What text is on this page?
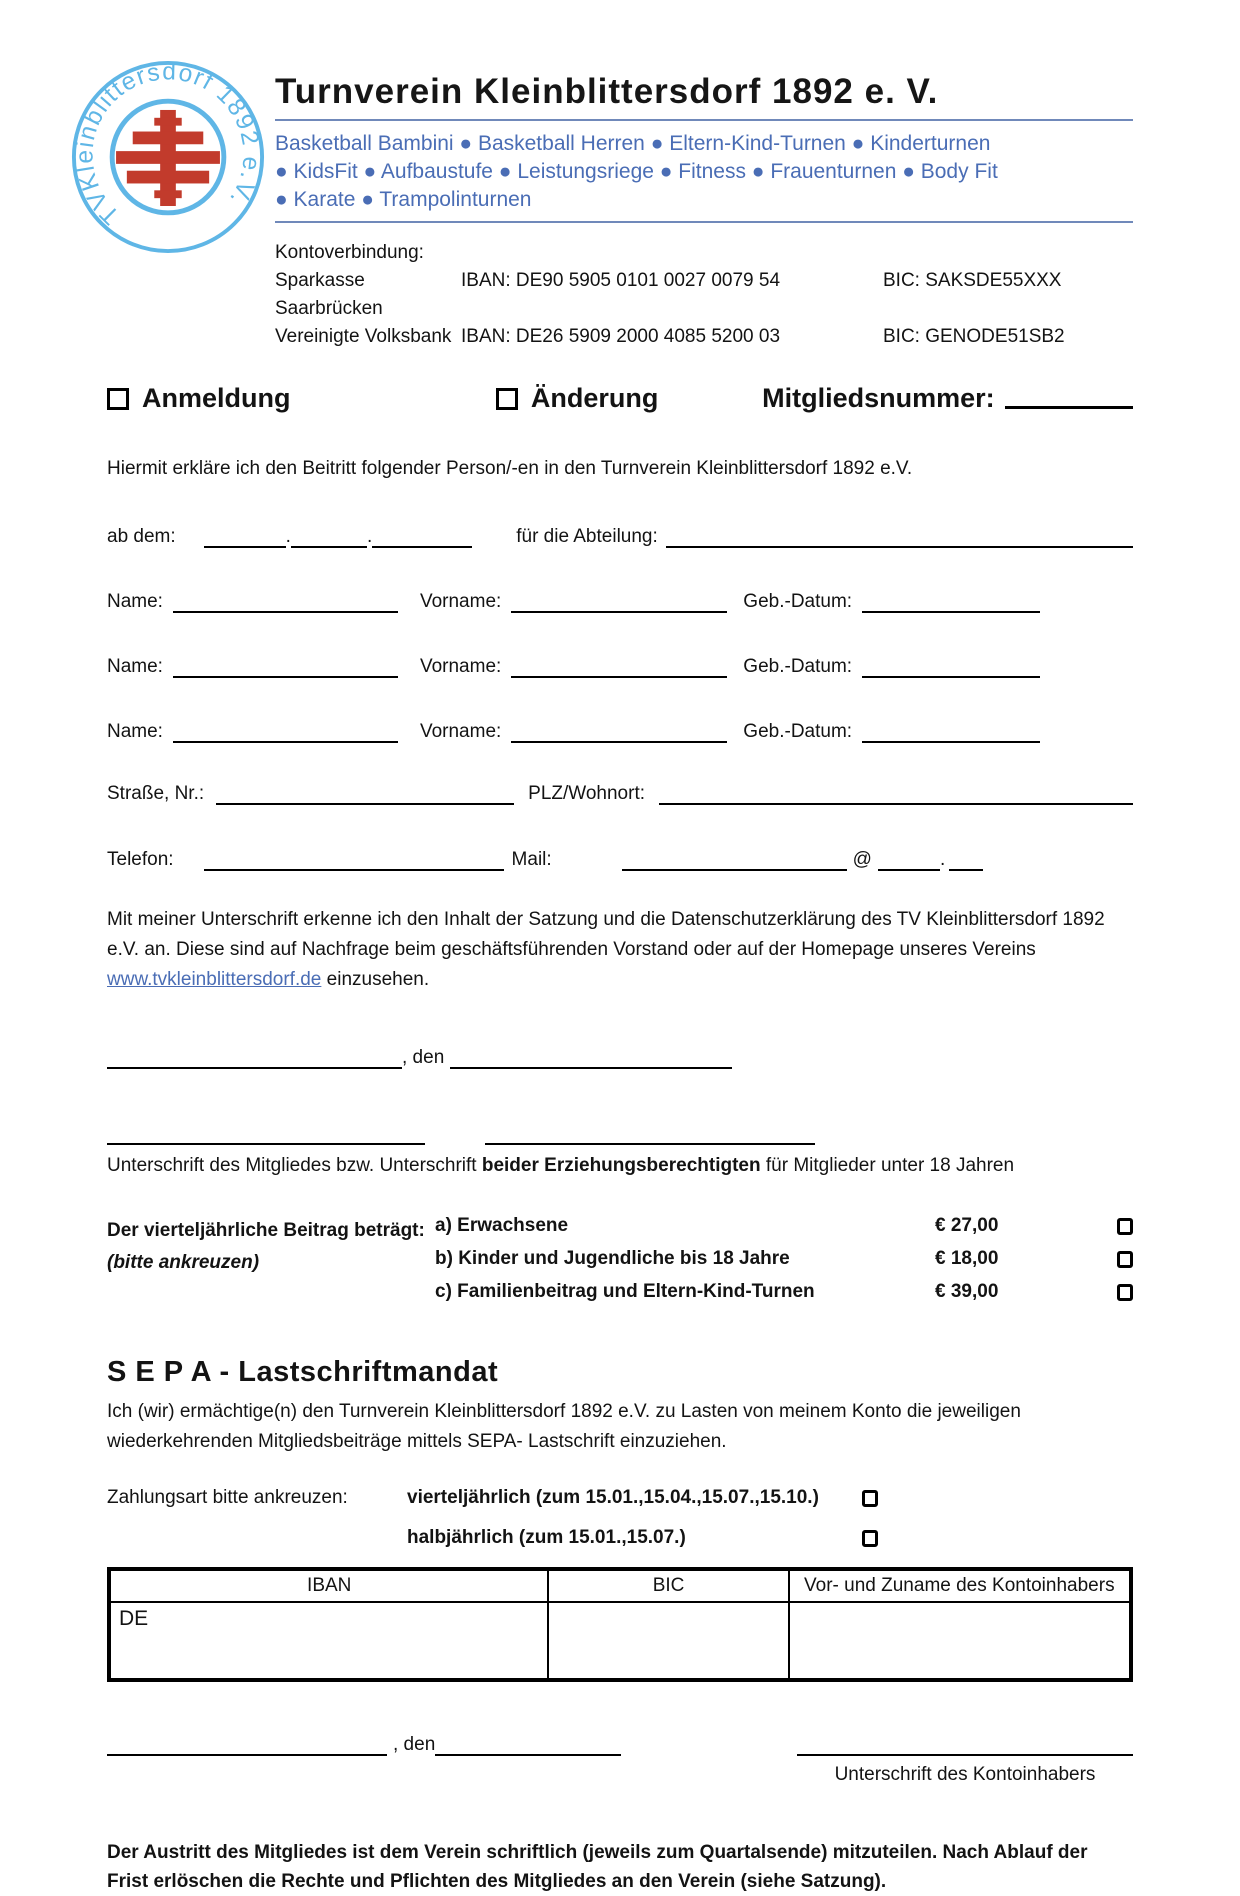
TVKleinblittersdorf 1892 e.V.
Turnverein Kleinblittersdorf 1892 e. V.
Basketball Bambini ● Basketball Herren ● Eltern-Kind-Turnen ● Kinderturnen
● KidsFit ● Aufbaustufe ● Leistungsriege ● Fitness ● Frauenturnen ● Body Fit
● Karate ● Trampolinturnen
Kontoverbindung:
Sparkasse Saarbrücken
IBAN: DE90 5905 0101 0027 0079 54	BIC: SAKSDE55XXX
Vereinigte Volksbank IBAN: DE26 5909 2000 4085 5200 03	BIC: GENODE51SB2
Anmeldung	Änderung	Mitgliedsnummer:
Hiermit erkläre ich den Beitritt folgender Person/-en in den Turnverein Kleinblittersdorf 1892 e.V.
ab dem:	.	.	für die Abteilung:
Name:	Vorname:	Geb.-Datum:
Name:	Vorname:	Geb.-Datum:
Name:	Vorname:	Geb.-Datum:
Straße, Nr.:	PLZ/Wohnort:
Telefon:	Mail:	@	.
Mit meiner Unterschrift erkenne ich den Inhalt der Satzung und die Datenschutzerklärung des TV Kleinblittersdorf 1892 e.V. an. Diese sind auf Nachfrage beim geschäftsführenden Vorstand oder auf der Homepage unseres Vereins www.tvkleinblittersdorf.de einzusehen.
, den
Unterschrift des Mitgliedes bzw. Unterschrift beider Erziehungsberechtigten für Mitglieder unter 18 Jahren
Der vierteljährliche Beitrag beträgt:
(bitte ankreuzen)
a) Erwachsene	€ 27,00
b) Kinder und Jugendliche bis 18 Jahre	€ 18,00
c) Familienbeitrag und Eltern-Kind-Turnen	€ 39,00
S E P A - Lastschriftmandat
Ich (wir) ermächtige(n) den Turnverein Kleinblittersdorf 1892 e.V. zu Lasten von meinem Konto die jeweiligen wiederkehrenden Mitgliedsbeiträge mittels SEPA- Lastschrift einzuziehen.
Zahlungsart bitte ankreuzen:	vierteljährlich (zum 15.01.,15.04.,15.07.,15.10.)
halbjährlich (zum 15.01.,15.07.)
IBAN	BIC	Vor- und Zuname des Kontoinhabers
DE		
, den
Unterschrift des Kontoinhabers
Der Austritt des Mitgliedes ist dem Verein schriftlich (jeweils zum Quartalsende) mitzuteilen. Nach Ablauf der Frist erlöschen die Rechte und Pflichten des Mitgliedes an den Verein (siehe Satzung).
